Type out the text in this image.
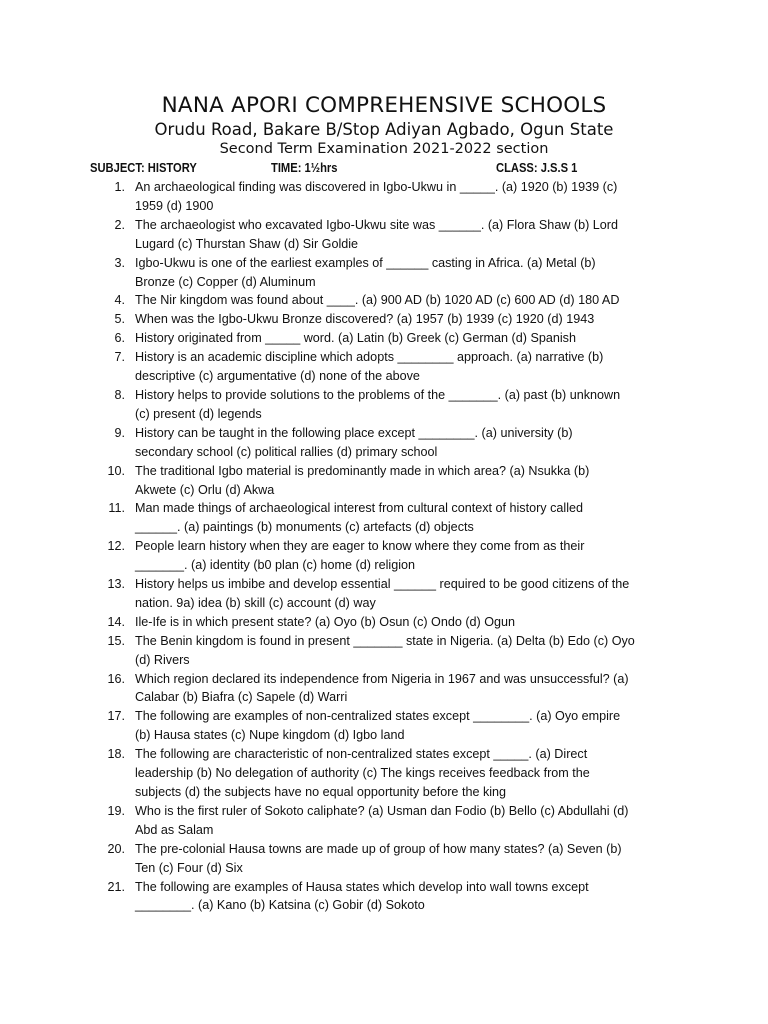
NANA APORI COMPREHENSIVE SCHOOLS
Orudu Road, Bakare B/Stop Adiyan Agbado, Ogun State
Second Term Examination 2021-2022 section
SUBJECT: HISTORY	TIME: 1½hrs	CLASS: J.S.S 1
1. An archaeological finding was discovered in Igbo-Ukwu in _____. (a) 1920 (b) 1939 (c)
1959 (d) 1900
2. The archaeologist who excavated Igbo-Ukwu site was ______. (a) Flora Shaw (b) Lord
Lugard (c) Thurstan Shaw (d) Sir Goldie
3. Igbo-Ukwu is one of the earliest examples of ______ casting in Africa. (a) Metal (b)
Bronze (c) Copper (d) Aluminum
4. The Nir kingdom was found about ____. (a) 900 AD (b) 1020 AD (c) 600 AD (d) 180 AD
5. When was the Igbo-Ukwu Bronze discovered? (a) 1957 (b) 1939 (c) 1920 (d) 1943
6. History originated from _____ word. (a) Latin (b) Greek (c) German (d) Spanish
7. History is an academic discipline which adopts ________ approach. (a) narrative (b)
descriptive (c) argumentative (d) none of the above
8. History helps to provide solutions to the problems of the _______. (a) past (b) unknown
(c) present (d) legends
9. History can be taught in the following place except ________. (a) university (b)
secondary school (c) political rallies (d) primary school
10. The traditional Igbo material is predominantly made in which area? (a) Nsukka (b)
Akwete (c) Orlu (d) Akwa
11. Man made things of archaeological interest from cultural context of history called
______. (a) paintings (b) monuments (c) artefacts (d) objects
12. People learn history when they are eager to know where they come from as their
_______. (a) identity (b0 plan (c) home (d) religion
13. History helps us imbibe and develop essential ______ required to be good citizens of the
nation. 9a) idea (b) skill (c) account (d) way
14. Ile-Ife is in which present state? (a) Oyo (b) Osun (c) Ondo (d) Ogun
15. The Benin kingdom is found in present _______ state in Nigeria. (a) Delta (b) Edo (c) Oyo
(d) Rivers
16. Which region declared its independence from Nigeria in 1967 and was unsuccessful? (a)
Calabar (b) Biafra (c) Sapele (d) Warri
17. The following are examples of non-centralized states except ________. (a) Oyo empire
(b) Hausa states (c) Nupe kingdom (d) Igbo land
18. The following are characteristic of non-centralized states except _____. (a) Direct
leadership (b) No delegation of authority (c) The kings receives feedback from the
subjects (d) the subjects have no equal opportunity before the king
19. Who is the first ruler of Sokoto caliphate? (a) Usman dan Fodio (b) Bello (c) Abdullahi (d)
Abd as Salam
20. The pre-colonial Hausa towns are made up of group of how many states? (a) Seven (b)
Ten (c) Four (d) Six
21. The following are examples of Hausa states which develop into wall towns except
________. (a) Kano (b) Katsina (c) Gobir (d) Sokoto
